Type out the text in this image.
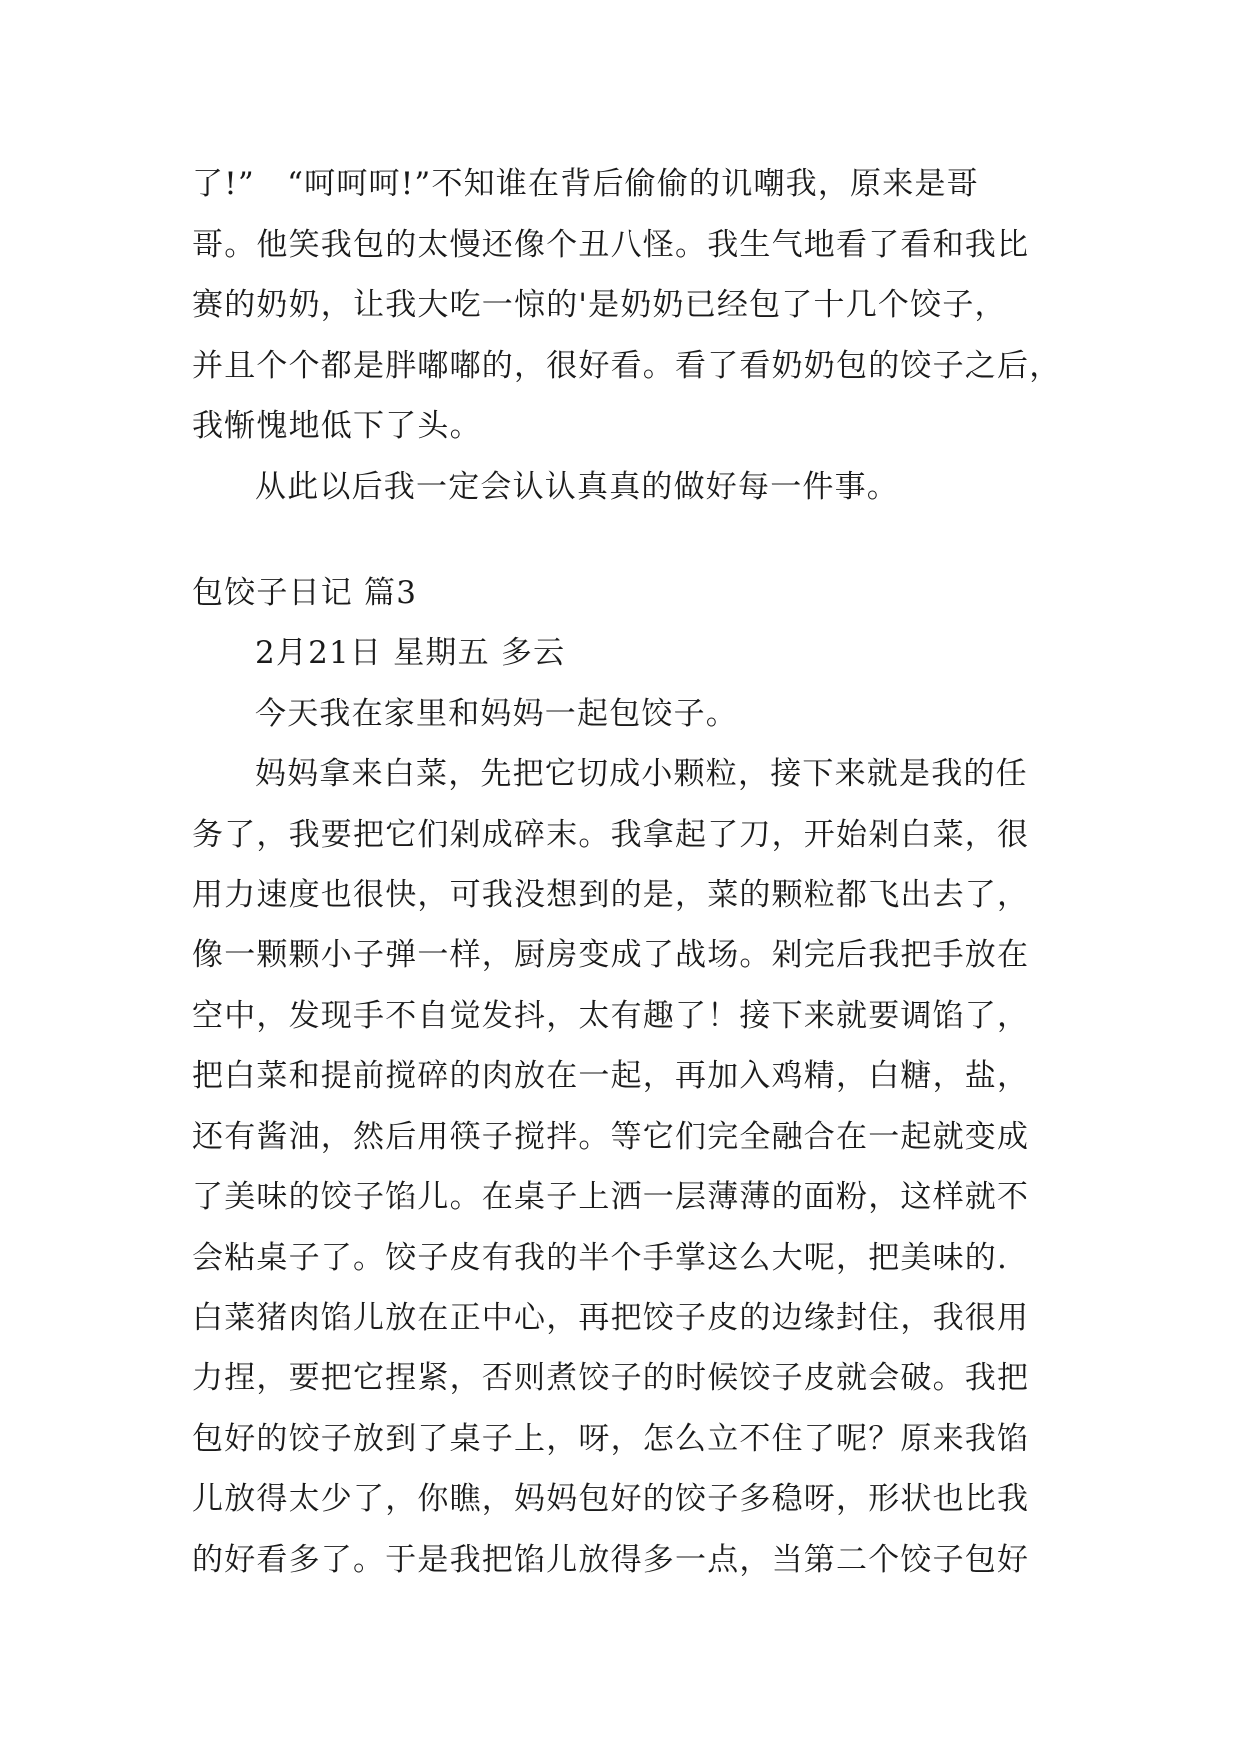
了!”　“呵呵呵!”不知谁在背后偷偷的讥嘲我，原来是哥
哥。他笑我包的太慢还像个丑八怪。我生气地看了看和我比
赛的奶奶，让我大吃一惊的'是奶奶已经包了十几个饺子，
并且个个都是胖嘟嘟的，很好看。看了看奶奶包的饺子之后，
我惭愧地低下了头。
从此以后我一定会认认真真的做好每一件事。
包饺子日记 篇3
2月21日 星期五 多云
今天我在家里和妈妈一起包饺子。
妈妈拿来白菜，先把它切成小颗粒，接下来就是我的任
务了，我要把它们剁成碎末。我拿起了刀，开始剁白菜，很
用力速度也很快，可我没想到的是，菜的颗粒都飞出去了，
像一颗颗小子弹一样，厨房变成了战场。剁完后我把手放在
空中，发现手不自觉发抖，太有趣了！接下来就要调馅了，
把白菜和提前搅碎的肉放在一起，再加入鸡精，白糖，盐，
还有酱油，然后用筷子搅拌。等它们完全融合在一起就变成
了美味的饺子馅儿。在桌子上洒一层薄薄的面粉，这样就不
会粘桌子了。饺子皮有我的半个手掌这么大呢，把美味的.
白菜猪肉馅儿放在正中心，再把饺子皮的边缘封住，我很用
力捏，要把它捏紧，否则煮饺子的时候饺子皮就会破。我把
包好的饺子放到了桌子上，呀，怎么立不住了呢？原来我馅
儿放得太少了，你瞧，妈妈包好的饺子多稳呀，形状也比我
的好看多了。于是我把馅儿放得多一点，当第二个饺子包好
